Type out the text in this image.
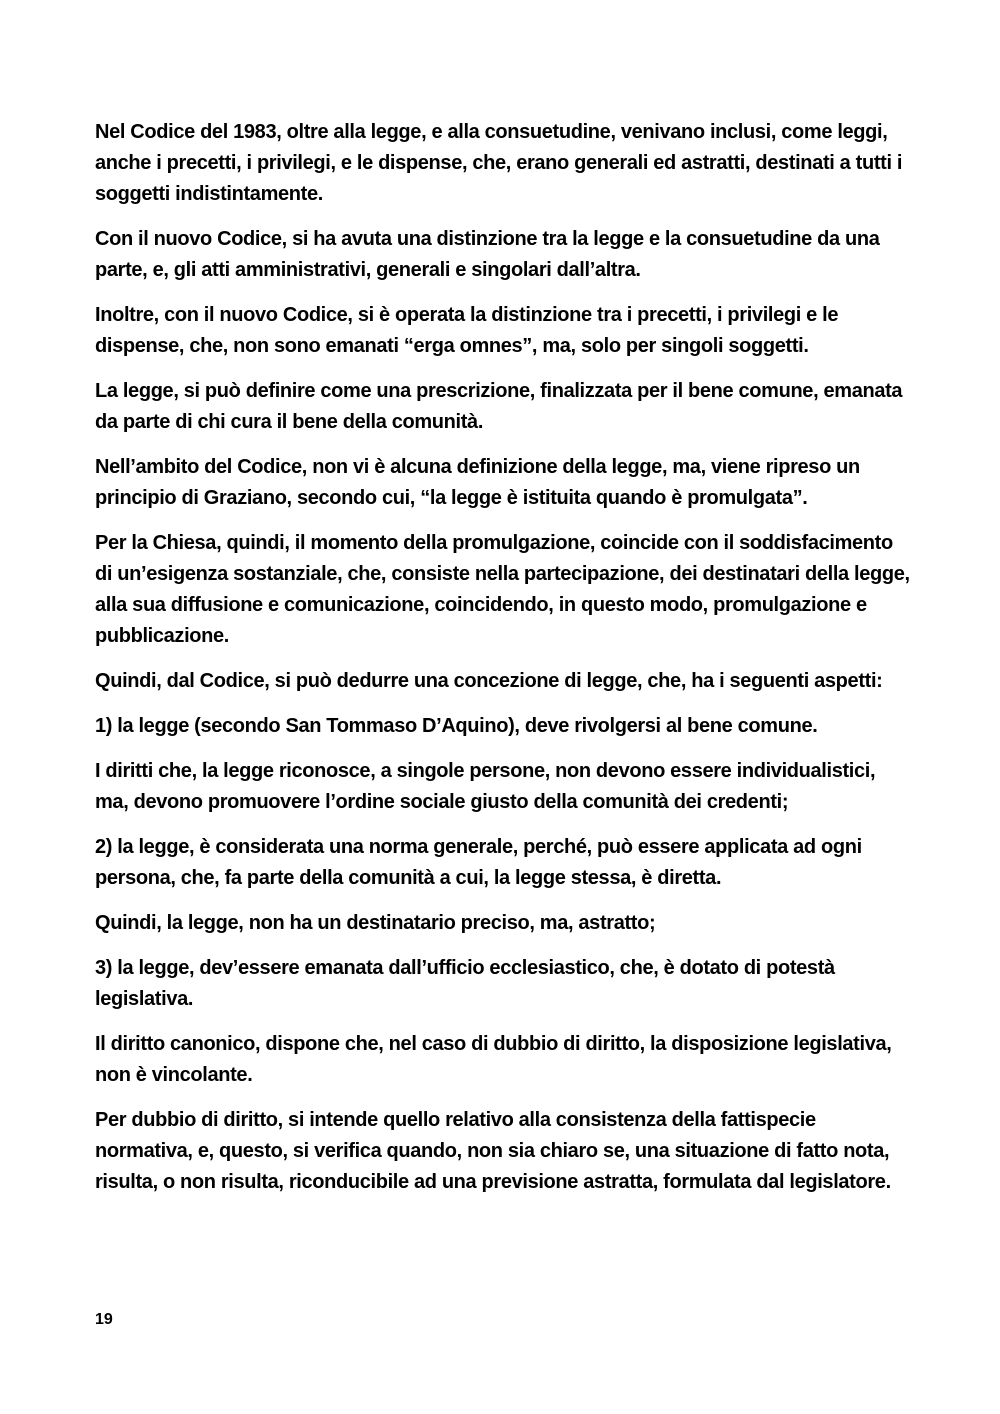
Nel Codice del 1983, oltre alla legge, e alla consuetudine, venivano inclusi, come leggi, anche i precetti, i privilegi, e le dispense, che, erano generali ed astratti, destinati a tutti i soggetti indistintamente.

Con il nuovo Codice, si ha avuta una distinzione tra la legge e la consuetudine da una parte, e, gli atti amministrativi, generali e singolari dall’altra.

Inoltre, con il nuovo Codice, si è operata la distinzione tra i precetti, i privilegi e le dispense, che, non sono emanati “erga omnes”, ma, solo per singoli soggetti.

La legge, si può definire come una prescrizione, finalizzata per il bene comune, emanata da parte di chi cura il bene della comunità.

Nell’ambito del Codice, non vi è alcuna definizione della legge, ma, viene ripreso un principio di Graziano, secondo cui, “la legge è istituita quando è promulgata”.

Per la Chiesa, quindi, il momento della promulgazione, coincide con il soddisfacimento di un’esigenza sostanziale, che, consiste nella partecipazione, dei destinatari della legge, alla sua diffusione e comunicazione, coincidendo, in questo modo, promulgazione e pubblicazione.

Quindi, dal Codice, si può dedurre una concezione di legge, che, ha i seguenti aspetti:

1) la legge (secondo San Tommaso D’Aquino), deve rivolgersi al bene comune.

I diritti che, la legge riconosce, a singole persone, non devono essere individualistici, ma, devono promuovere l’ordine sociale giusto della comunità dei credenti;

2) la legge, è considerata una norma generale, perché, può essere applicata ad ogni persona, che, fa parte della comunità a cui, la legge stessa, è diretta.

Quindi, la legge, non ha un destinatario preciso, ma, astratto;

3) la legge, dev’essere emanata dall’ufficio ecclesiastico, che, è dotato di potestà legislativa.

Il diritto canonico, dispone che, nel caso di dubbio di diritto, la disposizione legislativa, non è vincolante.

Per dubbio di diritto, si intende quello relativo alla consistenza della fattispecie normativa, e, questo, si verifica quando, non sia chiaro se, una situazione di fatto nota, risulta, o non risulta, riconducibile ad una previsione astratta, formulata dal legislatore.

19
